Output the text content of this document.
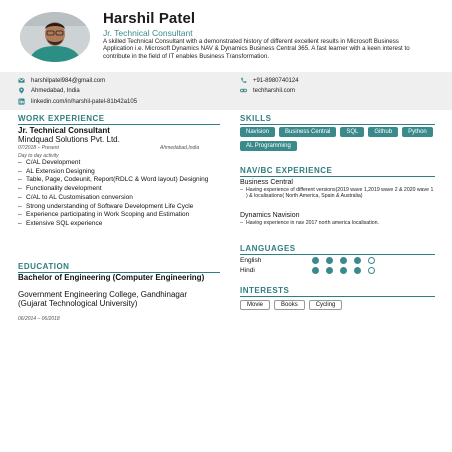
Harshil Patel
Jr. Technical Consultant
A skilled Technical Consultant with a demonstrated history of different excellent results in Microsoft Business Application i.e. Microsoft Dynamics NAV & Dynamics Business Central 365. A fast learner with a keen interest to contribute in the field of IT enables Business Transformation.
harshilpatel984@gmail.com	+91-8980740124
Ahmedabad, India	techharshil.com
linkedin.com/in/harshil-patel-81b42a105
WORK EXPERIENCE
Jr. Technical Consultant
Mindquad Solutions Pvt. Ltd.
07/2018 – Present	Ahmedabad,India
Day to day activity
– C/AL Development
– AL Extension Designing
– Table, Page, Codeunit, Report(RDLC & Word layout) Designing
– Functionality development
– C/AL to AL Customisation conversion
– Strong understanding of Software Development Life Cycle
– Experience participating in Work Scoping and Estimation
– Extensive SQL experience
EDUCATION
Bachelor of Engineering (Computer Engineering)
Government Engineering College, Gandhinagar (Gujarat Technological University)
06/2014 – 06/2018
SKILLS
Navision	Business Central	SQL	Github	Python
AL Programming
NAV/BC EXPERIENCE
Business Central
– Having experience of different versions(2019 wave 1,2019 wave 2 & 2020 wave 1 ) & localisations( North America, Spain & Australia)
Dynamics Navision
– Having experience in nav 2017 north america localisation.
LANGUAGES
English
Hindi
INTERESTS
Movie	Books	Cycling
